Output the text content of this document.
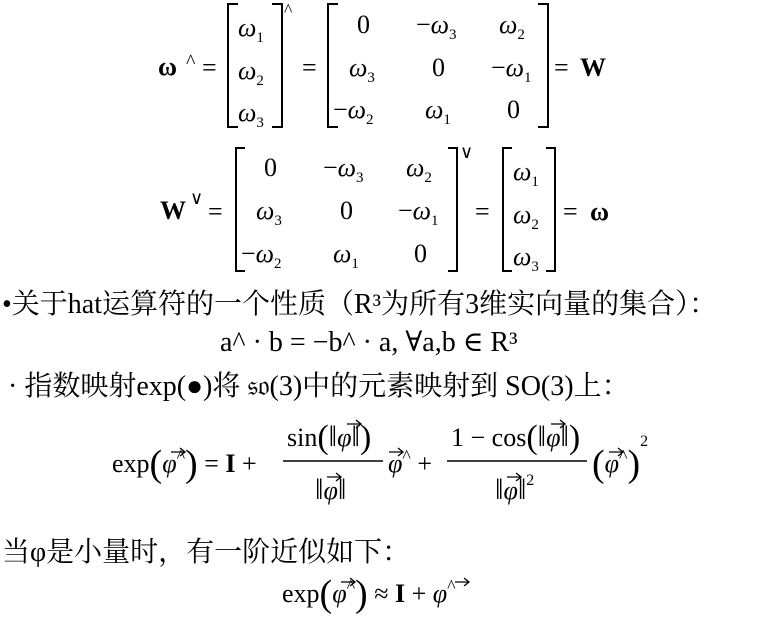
ω ^ =
^
$\omega_1$
$\omega_2$
$\omega_3$
=
$0 -\omega_3$ $\omega_2$
$\omega_3$ $0 -\omega_1$
$-\omega_2$ $\omega_1$ 0
= W
W ∨ =
∨
$0 -\omega_3$ $\omega_2$
$\omega_3$ $0 -\omega_1$
$-\omega_2$ $\omega_1$ 0
=
$\omega_1$
$\omega_2$
$\omega_3$
= ω
exp(φ^) = I +
sin(‖φ‖)
‖φ‖
φ^ +
1 − cos(‖φ‖)
‖φ‖$^2$ $(\varphi^{\^{}})^2$
exp(φ^) ≈ I + φ^
•关于hat运算符的一个性质（R³为所有3维实向量的集合）：
a^ · b = −b^ · a, ∀a,b ∈ R³
· 指数映射exp(●)将 𝔰𝔬(3)中的元素映射到 SO(3)上：
当φ是小量时，有一阶近似如下：
